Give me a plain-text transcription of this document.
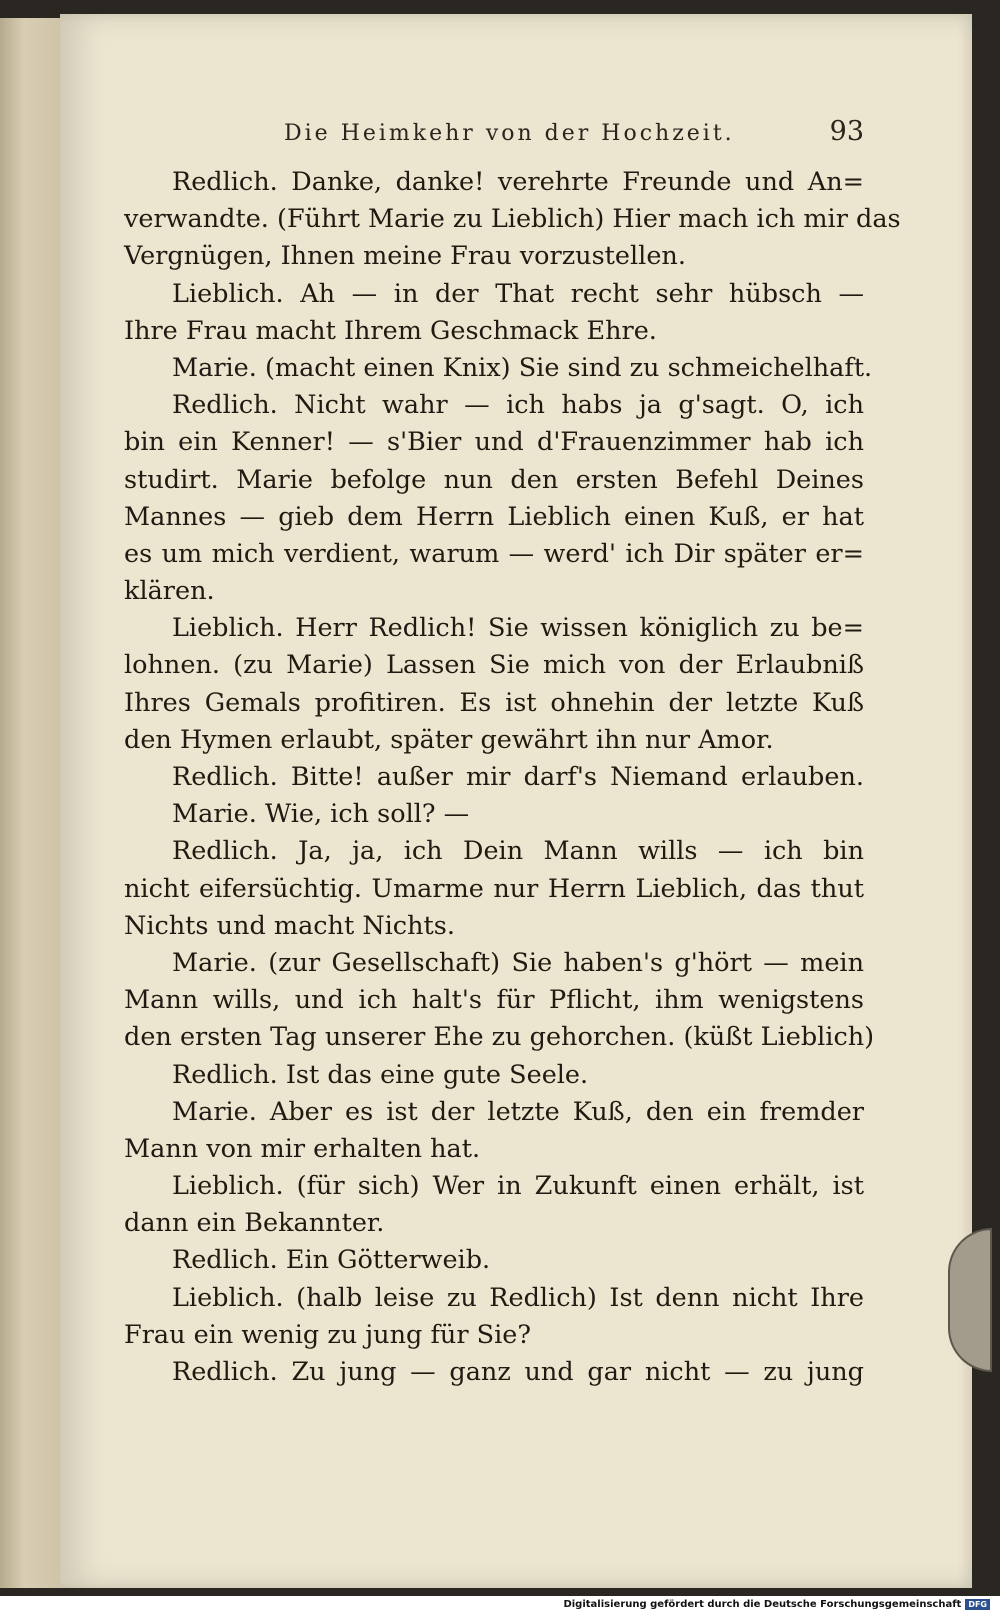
Die Heimkehr von der Hochzeit.	93
Redlich. Danke, danke! verehrte Freunde und An=
verwandte. (Führt Marie zu Lieblich) Hier mach ich mir das
Vergnügen, Ihnen meine Frau vorzustellen.
Lieblich. Ah — in der That recht sehr hübsch —
Ihre Frau macht Ihrem Geschmack Ehre.
Marie. (macht einen Knix) Sie sind zu schmeichelhaft.
Redlich. Nicht wahr — ich habs ja g'sagt. O, ich
bin ein Kenner! — s'Bier und d'Frauenzimmer hab ich
studirt. Marie befolge nun den ersten Befehl Deines
Mannes — gieb dem Herrn Lieblich einen Kuß, er hat
es um mich verdient, warum — werd' ich Dir später er=
klären.
Lieblich. Herr Redlich! Sie wissen königlich zu be=
lohnen. (zu Marie) Lassen Sie mich von der Erlaubniß
Ihres Gemals profitiren. Es ist ohnehin der letzte Kuß
den Hymen erlaubt, später gewährt ihn nur Amor.
Redlich. Bitte! außer mir darf's Niemand erlauben.
Marie. Wie, ich soll? —
Redlich. Ja, ja, ich Dein Mann wills — ich bin
nicht eifersüchtig. Umarme nur Herrn Lieblich, das thut
Nichts und macht Nichts.
Marie. (zur Gesellschaft) Sie haben's g'hört — mein
Mann wills, und ich halt's für Pflicht, ihm wenigstens
den ersten Tag unserer Ehe zu gehorchen. (küßt Lieblich)
Redlich. Ist das eine gute Seele.
Marie. Aber es ist der letzte Kuß, den ein fremder
Mann von mir erhalten hat.
Lieblich. (für sich) Wer in Zukunft einen erhält, ist
dann ein Bekannter.
Redlich. Ein Götterweib.
Lieblich. (halb leise zu Redlich) Ist denn nicht Ihre
Frau ein wenig zu jung für Sie?
Redlich. Zu jung — ganz und gar nicht — zu jung
Digitalisierung gefördert durch die Deutsche Forschungsgemeinschaft DFG
